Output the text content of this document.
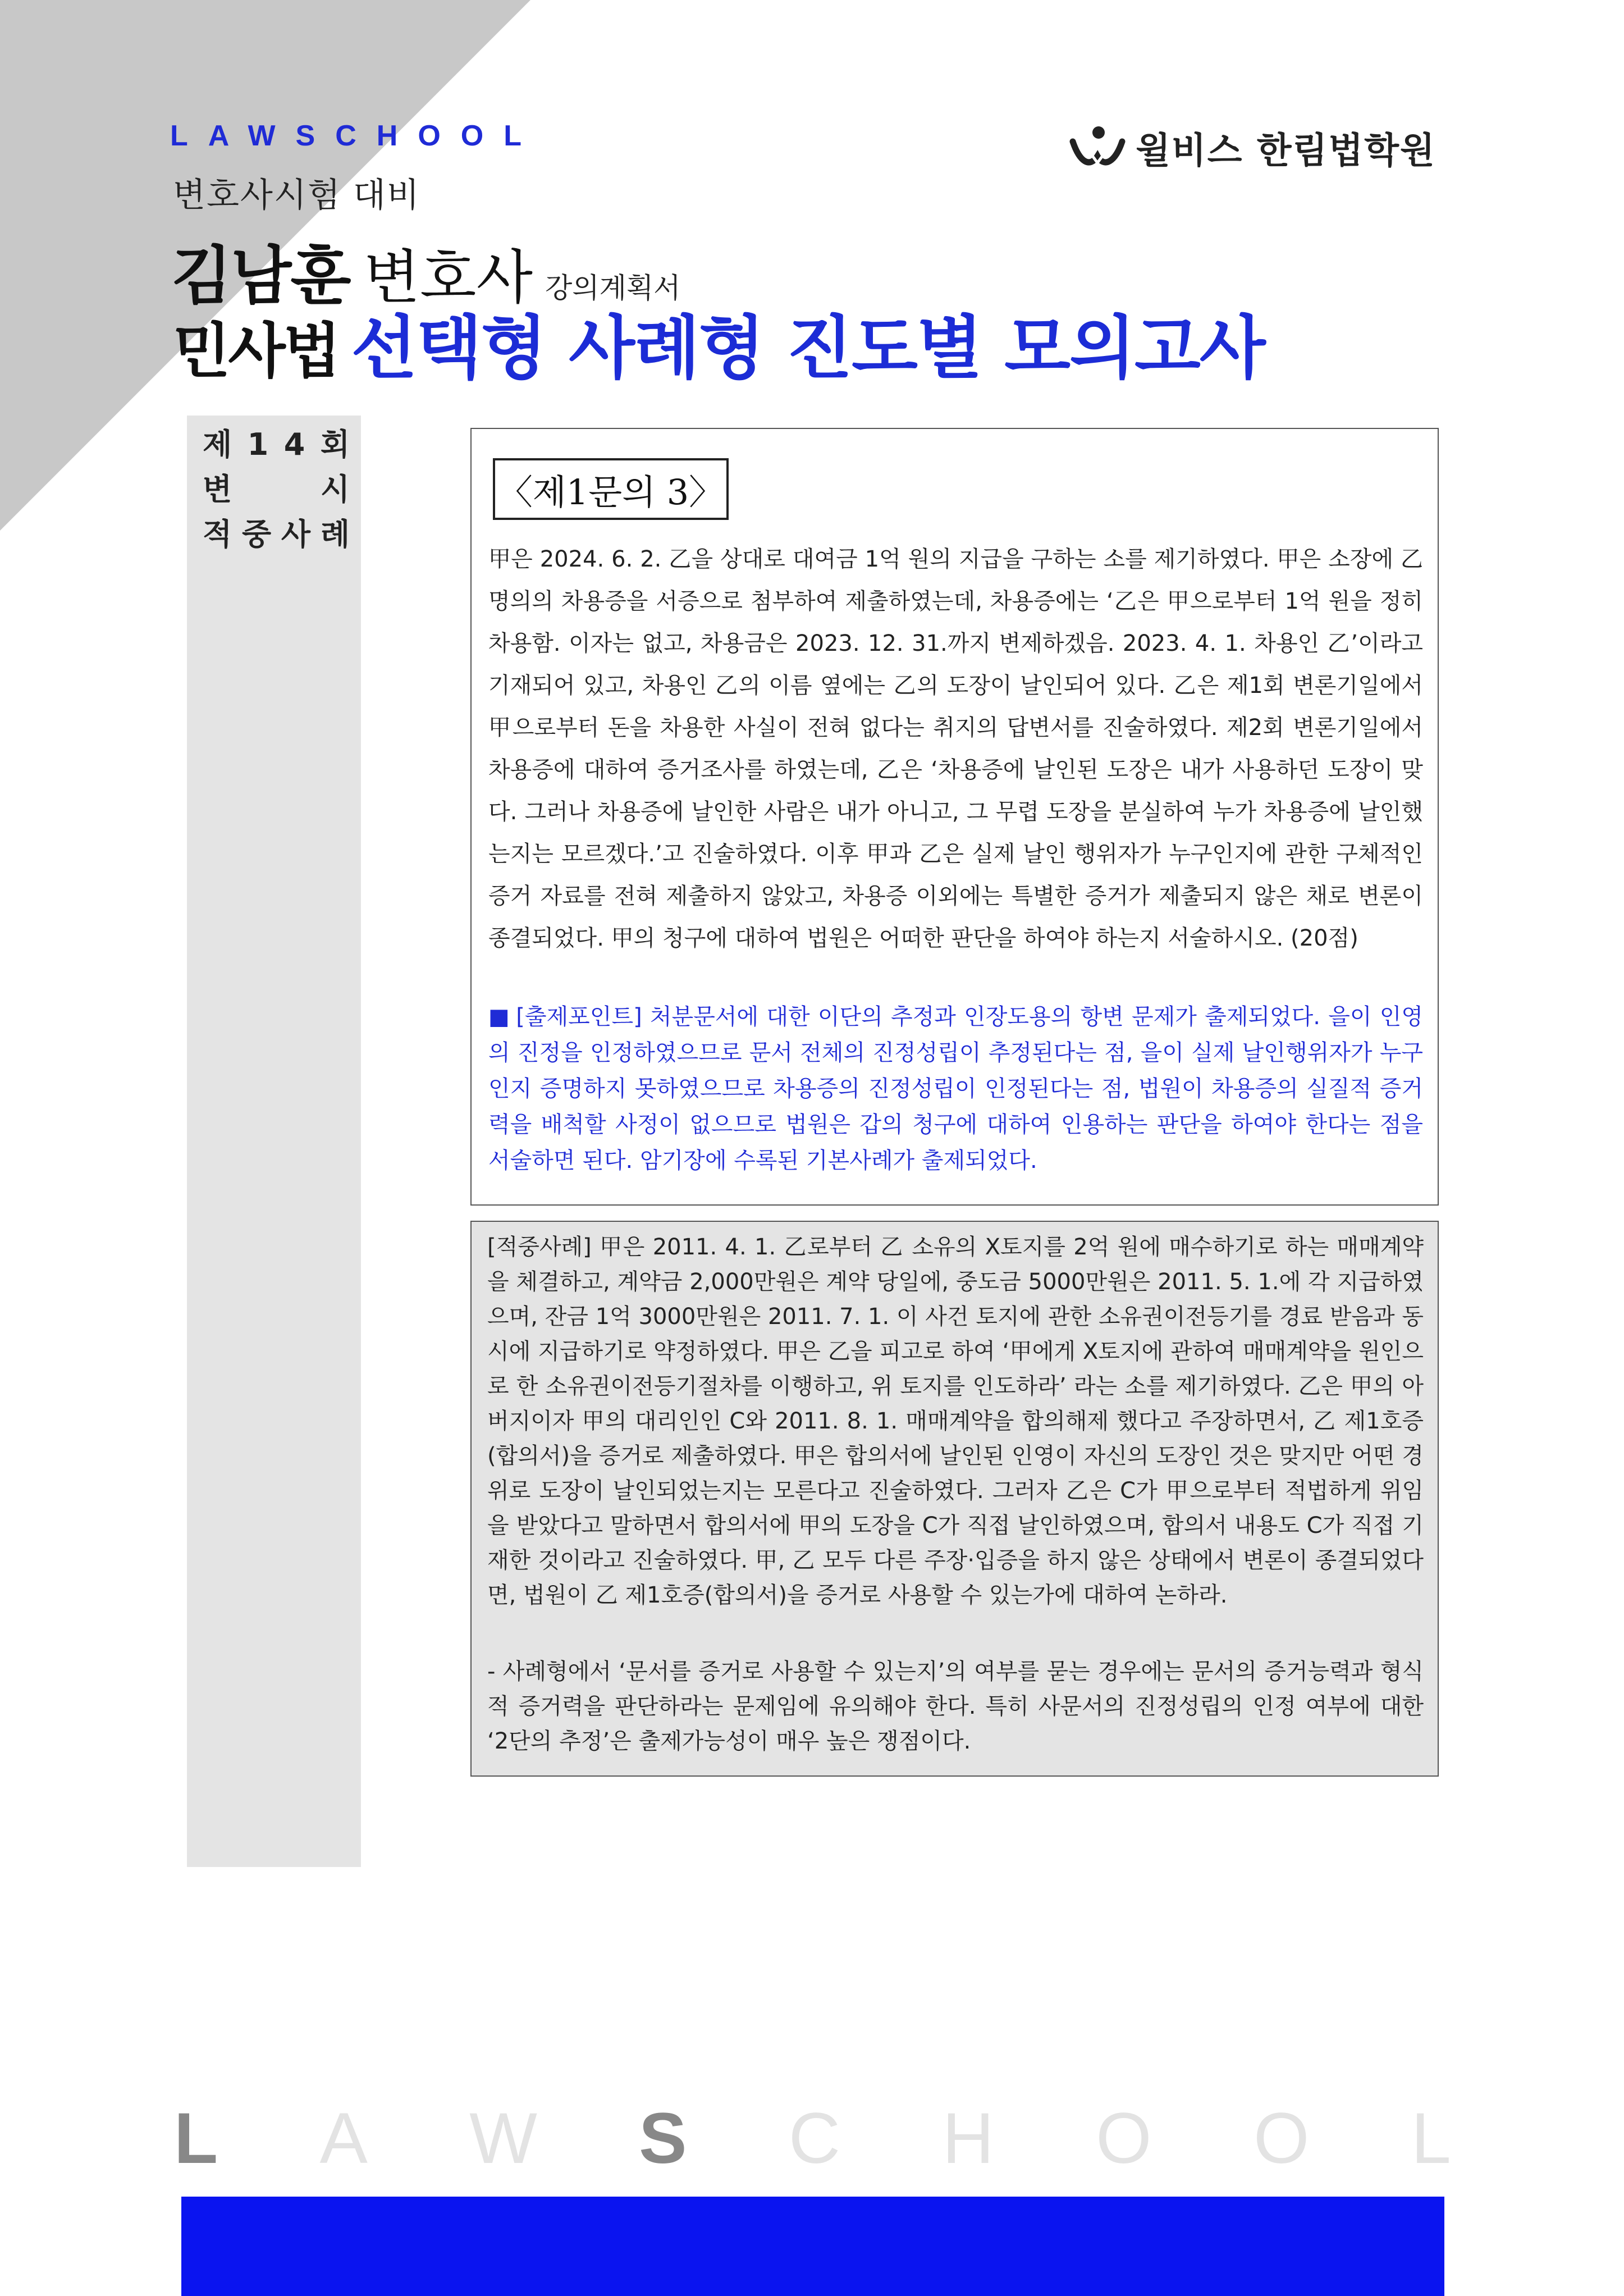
LAWSCHOOL	윌비스 한림법학원
변호사시험 대비
김남훈 변호사 강의계획서
민사법 선택형 사례형 진도별 모의고사
제 1 4 회
변	시
적 중 사 례
〈제1문의 3〉
甲은 2024. 6. 2. 乙을 상대로 대여금 1억 원의 지급을 구하는 소를 제기하였다. 甲은 소장에 乙 명의의 차용증을 서증으로 첨부하여 제출하였는데, 차용증에는 ‘乙은 甲으로부터 1억 원을 정히 차용함. 이자는 없고, 차용금은 2023. 12. 31.까지 변제하겠음. 2023. 4. 1. 차용인 乙’이라고 기재되어 있고, 차용인 乙의 이름 옆에는 乙의 도장이 날인되어 있다. 乙은 제1회 변론기일에서 甲으로부터 돈을 차용한 사실이 전혀 없다는 취지의 답변서를 진술하였다. 제2회 변론기일에서 차용증에 대하여 증거조사를 하였는데, 乙은 ‘차용증에 날인된 도장은 내가 사용하던 도장이 맞다. 그러나 차용증에 날인한 사람은 내가 아니고, 그 무렵 도장을 분실하여 누가 차용증에 날인했는지는 모르겠다.’고 진술하였다. 이후 甲과 乙은 실제 날인 행위자가 누구인지에 관한 구체적인 증거 자료를 전혀 제출하지 않았고, 차용증 이외에는 특별한 증거가 제출되지 않은 채로 변론이 종결되었다. 甲의 청구에 대하여 법원은 어떠한 판단을 하여야 하는지 서술하시오. (20점)
■ [출제포인트] 처분문서에 대한 이단의 추정과 인장도용의 항변 문제가 출제되었다. 을이 인영의 진정을 인정하였으므로 문서 전체의 진정성립이 추정된다는 점, 을이 실제 날인행위자가 누구인지 증명하지 못하였으므로 차용증의 진정성립이 인정된다는 점, 법원이 차용증의 실질적 증거력을 배척할 사정이 없으므로 법원은 갑의 청구에 대하여 인용하는 판단을 하여야 한다는 점을 서술하면 된다. 암기장에 수록된 기본사례가 출제되었다.
[적중사례] 甲은 2011. 4. 1. 乙로부터 乙 소유의 X토지를 2억 원에 매수하기로 하는 매매계약을 체결하고, 계약금 2,000만원은 계약 당일에, 중도금 5000만원은 2011. 5. 1.에 각 지급하였으며, 잔금 1억 3000만원은 2011. 7. 1. 이 사건 토지에 관한 소유권이전등기를 경료 받음과 동시에 지급하기로 약정하였다. 甲은 乙을 피고로 하여 ‘甲에게 X토지에 관하여 매매계약을 원인으로 한 소유권이전등기절차를 이행하고, 위 토지를 인도하라’ 라는 소를 제기하였다. 乙은 甲의 아버지이자 甲의 대리인인 C와 2011. 8. 1. 매매계약을 합의해제 했다고 주장하면서, 乙 제1호증(합의서)을 증거로 제출하였다. 甲은 합의서에 날인된 인영이 자신의 도장인 것은 맞지만 어떤 경위로 도장이 날인되었는지는 모른다고 진술하였다. 그러자 乙은 C가 甲으로부터 적법하게 위임을 받았다고 말하면서 합의서에 甲의 도장을 C가 직접 날인하였으며, 합의서 내용도 C가 직접 기재한 것이라고 진술하였다. 甲, 乙 모두 다른 주장·입증을 하지 않은 상태에서 변론이 종결되었다면, 법원이 乙 제1호증(합의서)을 증거로 사용할 수 있는가에 대하여 논하라.
- 사례형에서 ‘문서를 증거로 사용할 수 있는지’의 여부를 묻는 경우에는 문서의 증거능력과 형식적 증거력을 판단하라는 문제임에 유의해야 한다. 특히 사문서의 진정성립의 인정 여부에 대한 ‘2단의 추정’은 출제가능성이 매우 높은 쟁점이다.
L A W S C H O O L
